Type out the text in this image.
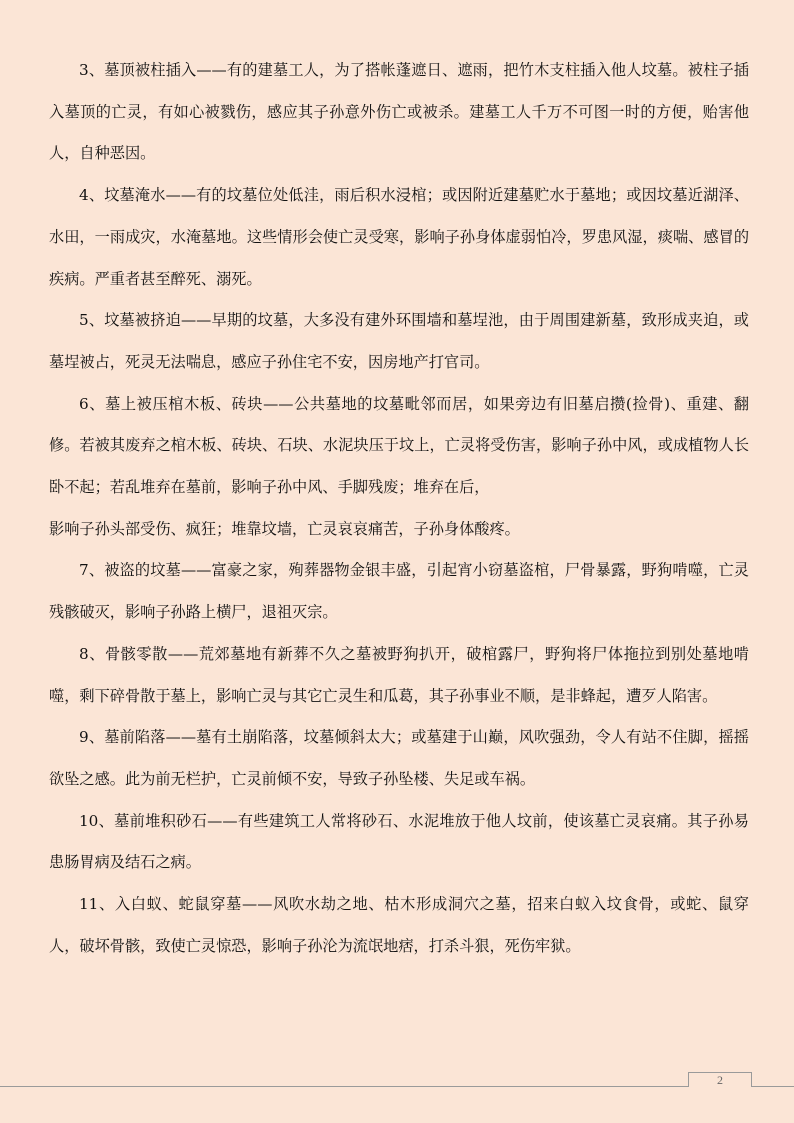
3、墓顶被柱插入——有的建墓工人，为了搭帐蓬遮日、遮雨，把竹木支柱插入他人坟墓。被柱子插入墓顶的亡灵，有如心被戮伤，感应其子孙意外伤亡或被杀。建墓工人千万不可图一时的方便，贻害他人，自种恶因。

4、坟墓淹水——有的坟墓位处低洼，雨后积水浸棺；或因附近建墓贮水于墓地；或因坟墓近湖泽、水田，一雨成灾，水淹墓地。这些情形会使亡灵受寒，影响子孙身体虚弱怕冷，罗患风湿，痰喘、感冒的疾病。严重者甚至醉死、溺死。

5、坟墓被挤迫——早期的坟墓，大多没有建外环围墙和墓埕池，由于周围建新墓，致形成夹迫，或墓埕被占，死灵无法喘息，感应子孙住宅不安，因房地产打官司。

6、墓上被压棺木板、砖块——公共墓地的坟墓毗邻而居，如果旁边有旧墓启攒(捡骨)、重建、翻修。若被其废弃之棺木板、砖块、石块、水泥块压于坟上，亡灵将受伤害，影响子孙中风，或成植物人长卧不起；若乱堆弃在墓前，影响子孙中风、手脚残废；堆弃在后，

影响子孙头部受伤、疯狂；堆靠坟墙，亡灵哀哀痛苦，子孙身体酸疼。

7、被盗的坟墓——富豪之家，殉葬器物金银丰盛，引起宵小窃墓盗棺，尸骨暴露，野狗啃噬，亡灵残骸破灭，影响子孙路上横尸，退祖灭宗。

8、骨骸零散——荒郊墓地有新葬不久之墓被野狗扒开，破棺露尸，野狗将尸体拖拉到别处墓地啃噬，剩下碎骨散于墓上，影响亡灵与其它亡灵生和瓜葛，其子孙事业不顺，是非蜂起，遭歹人陷害。

9、墓前陷落——墓有土崩陷落，坟墓倾斜太大；或墓建于山巅，风吹强劲，令人有站不住脚，摇摇欲坠之感。此为前无栏护，亡灵前倾不安，导致子孙坠楼、失足或车祸。

10、墓前堆积砂石——有些建筑工人常将砂石、水泥堆放于他人坟前，使该墓亡灵哀痛。其子孙易患肠胃病及结石之病。

11、入白蚁、蛇鼠穿墓——风吹水劫之地、枯木形成洞穴之墓，招来白蚁入坟食骨，或蛇、鼠穿人，破坏骨骸，致使亡灵惊恐，影响子孙沦为流氓地痞，打杀斗狠，死伤牢狱。

2
